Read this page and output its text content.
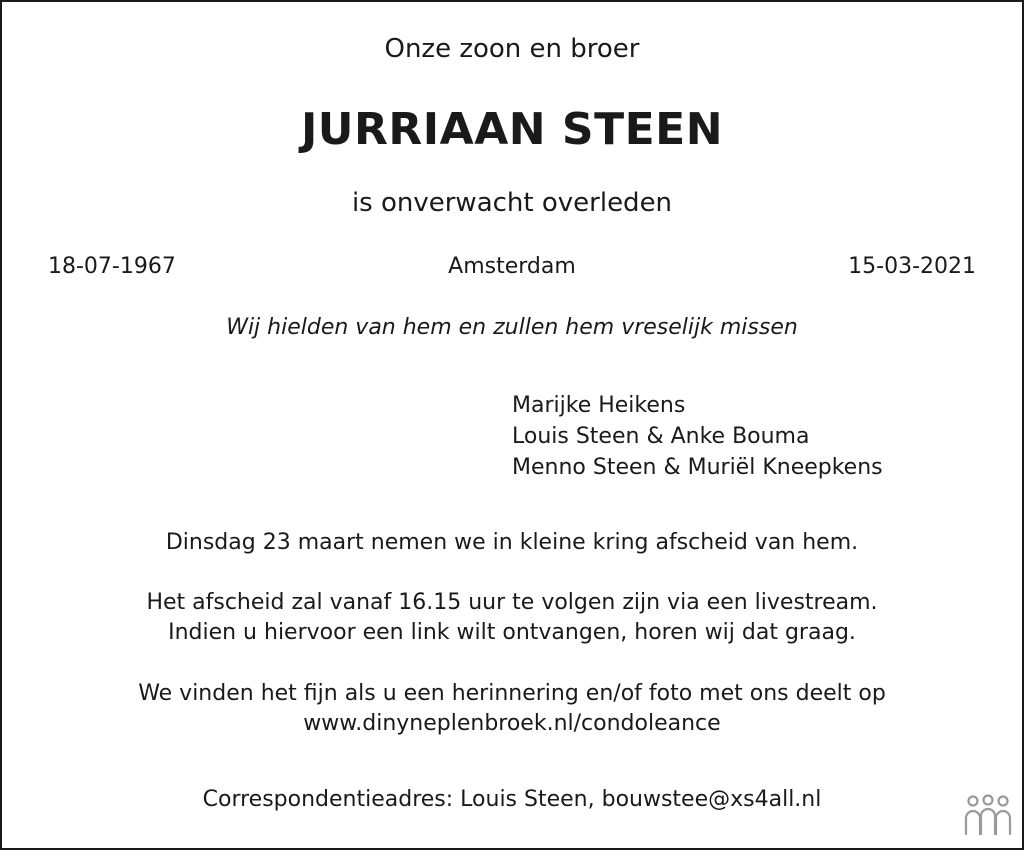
Onze zoon en broer
JURRIAAN STEEN
is onverwacht overleden
18-07-1967	Amsterdam	15-03-2021
Wij hielden van hem en zullen hem vreselijk missen
Marijke Heikens
Louis Steen & Anke Bouma
Menno Steen & Muriël Kneepkens
Dinsdag 23 maart nemen we in kleine kring afscheid van hem.
Het afscheid zal vanaf 16.15 uur te volgen zijn via een livestream.
Indien u hiervoor een link wilt ontvangen, horen wij dat graag.
We vinden het fijn als u een herinnering en/of foto met ons deelt op
www.dinyneplenbroek.nl/condoleance
Correspondentieadres: Louis Steen, bouwstee@xs4all.nl
